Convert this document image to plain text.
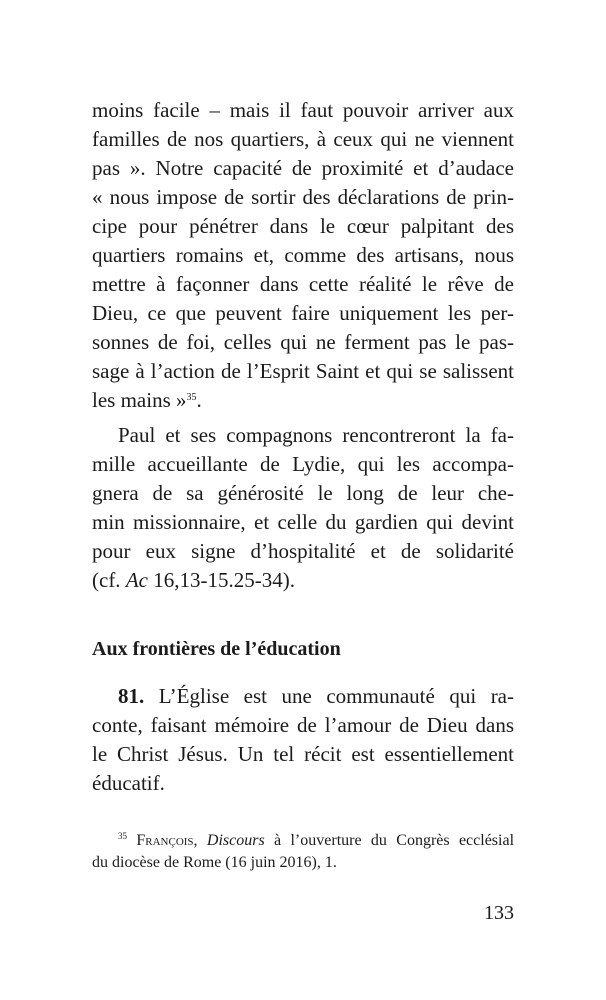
moins facile – mais il faut pouvoir arriver aux
familles de nos quartiers, à ceux qui ne viennent
pas ». Notre capacité de proximité et d’audace
« nous impose de sortir des déclarations de prin-
cipe pour pénétrer dans le cœur palpitant des
quartiers romains et, comme des artisans, nous
mettre à façonner dans cette réalité le rêve de
Dieu, ce que peuvent faire uniquement les per-
sonnes de foi, celles qui ne ferment pas le pas-
sage à l’action de l’Esprit Saint et qui se salissent
les mains »$^{35}$.
Paul et ses compagnons rencontreront la fa-
mille accueillante de Lydie, qui les accompa-
gnera de sa générosité le long de leur che-
min missionnaire, et celle du gardien qui devint
pour eux signe d’hospitalité et de solidarité
(cf. Ac 16,13-15.25-34).
Aux frontières de l’éducation
81. L’Église est une communauté qui ra-
conte, faisant mémoire de l’amour de Dieu dans
le Christ Jésus. Un tel récit est essentiellement
éducatif.
$^{35}$ François, Discours à l’ouverture du Congrès ecclésial
du diocèse de Rome (16 juin 2016), 1.
133
